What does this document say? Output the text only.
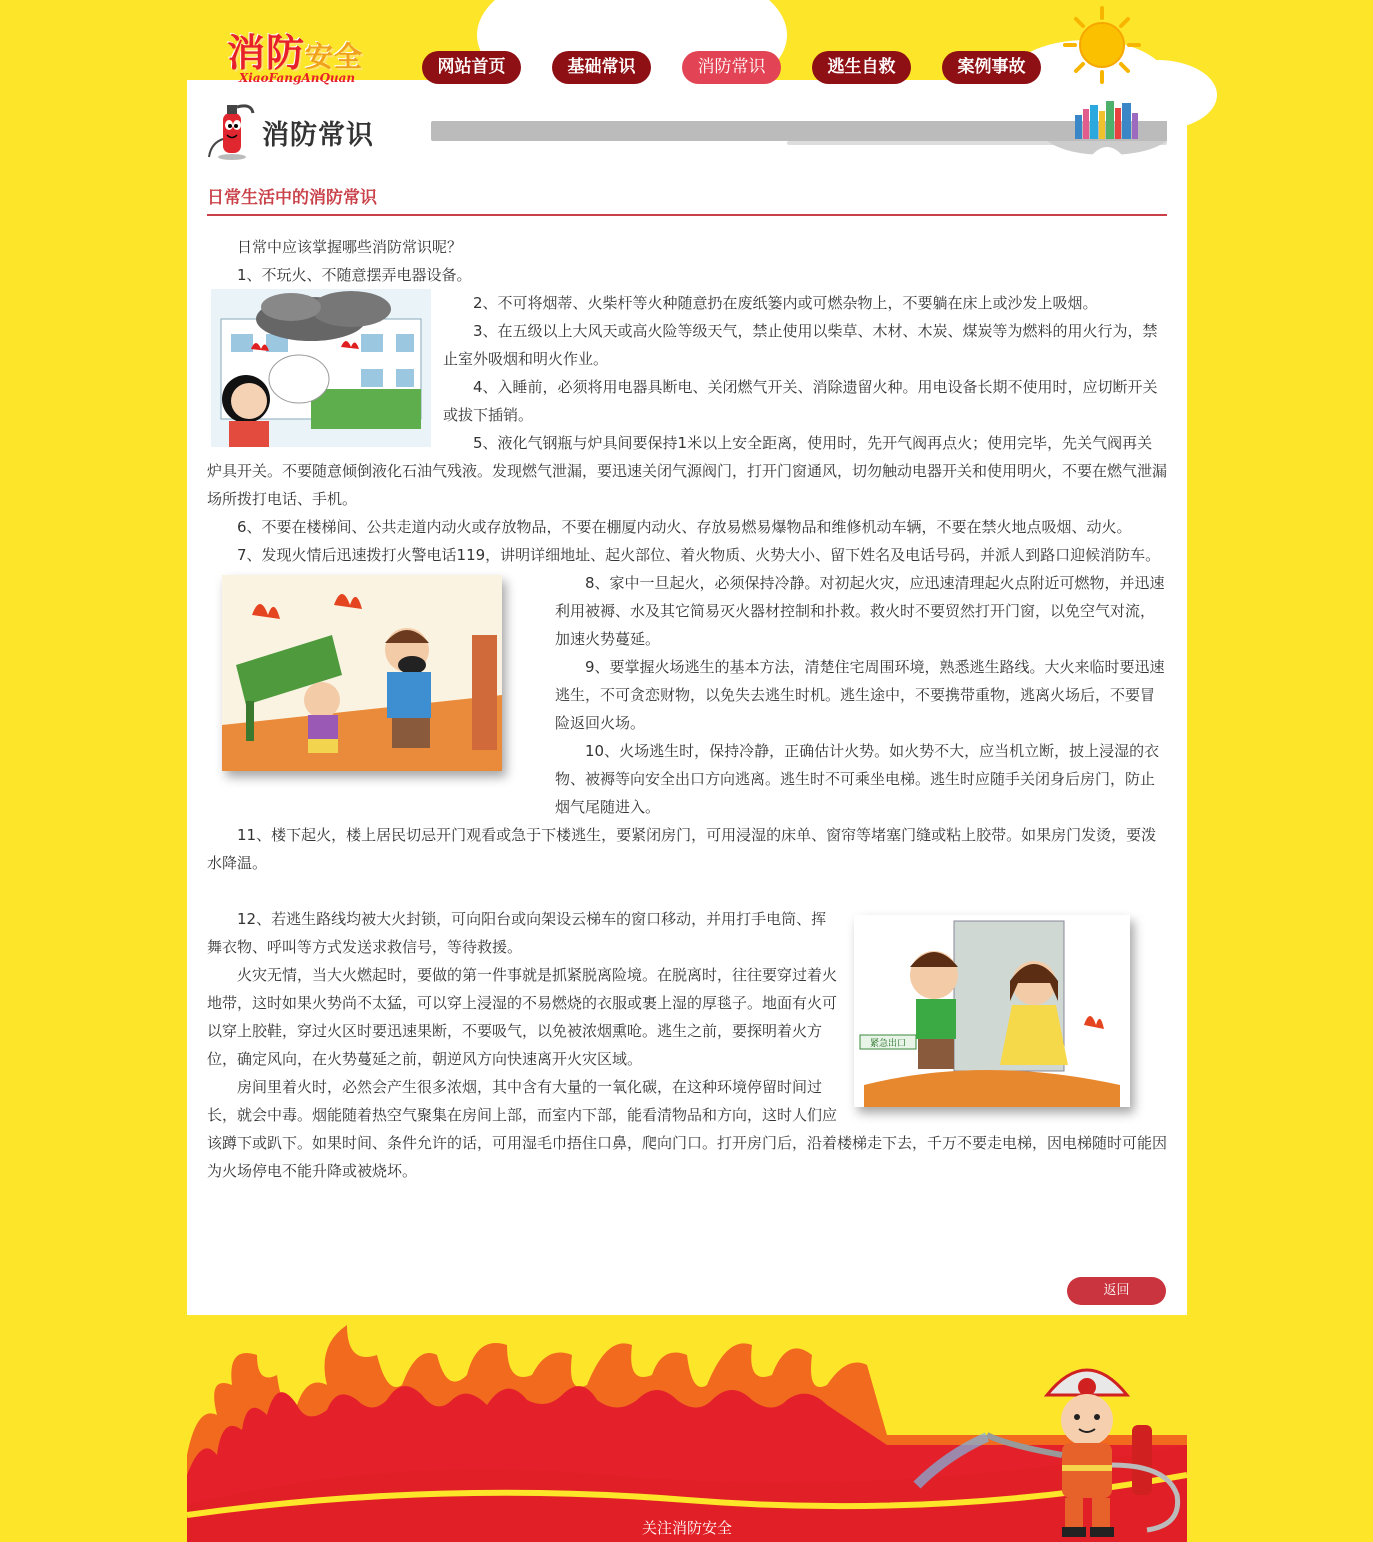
消防安全
XiaoFangAnQuan
网站首页	基础常识	消防常识	逃生自救	案例事故
消防常识
日常生活中的消防常识

日常中应该掌握哪些消防常识呢？

1、不玩火、不随意摆弄电器设备。

2、不可将烟蒂、火柴杆等火种随意扔在废纸篓内或可燃杂物上，不要躺在床上或沙发上吸烟。

3、在五级以上大风天或高火险等级天气，禁止使用以柴草、木材、木炭、煤炭等为燃料的用火行为，禁止室外吸烟和明火作业。

4、入睡前，必须将用电器具断电、关闭燃气开关、消除遗留火种。用电设备长期不使用时，应切断开关或拔下插销。

5、液化气钢瓶与炉具间要保持1米以上安全距离，使用时，先开气阀再点火；使用完毕，先关气阀再关炉具开关。不要随意倾倒液化石油气残液。发现燃气泄漏，要迅速关闭气源阀门，打开门窗通风，切勿触动电器开关和使用明火，不要在燃气泄漏场所拨打电话、手机。

6、不要在楼梯间、公共走道内动火或存放物品，不要在棚厦内动火、存放易燃易爆物品和维修机动车辆，不要在禁火地点吸烟、动火。

7、发现火情后迅速拨打火警电话119，讲明详细地址、起火部位、着火物质、火势大小、留下姓名及电话号码，并派人到路口迎候消防车。

8、家中一旦起火，必须保持冷静。对初起火灾，应迅速清理起火点附近可燃物，并迅速利用被褥、水及其它简易灭火器材控制和扑救。救火时不要贸然打开门窗，以免空气对流，加速火势蔓延。

9、要掌握火场逃生的基本方法，清楚住宅周围环境，熟悉逃生路线。大火来临时要迅速逃生，不可贪恋财物，以免失去逃生时机。逃生途中，不要携带重物，逃离火场后，不要冒险返回火场。

10、火场逃生时，保持冷静，正确估计火势。如火势不大，应当机立断，披上浸湿的衣物、被褥等向安全出口方向逃离。逃生时不可乘坐电梯。逃生时应随手关闭身后房门，防止烟气尾随进入。

11、楼下起火，楼上居民切忌开门观看或急于下楼逃生，要紧闭房门，可用浸湿的床单、窗帘等堵塞门缝或粘上胶带。如果房门发烫，要泼水降温。

紧急出口

12、若逃生路线均被大火封锁，可向阳台或向架设云梯车的窗口移动，并用打手电筒、挥舞衣物、呼叫等方式发送求救信号，等待救援。

火灾无情，当大火燃起时，要做的第一件事就是抓紧脱离险境。在脱离时，往往要穿过着火地带，这时如果火势尚不太猛，可以穿上浸湿的不易燃烧的衣服或裹上湿的厚毯子。地面有火可以穿上胶鞋，穿过火区时要迅速果断，不要吸气，以免被浓烟熏呛。逃生之前，要探明着火方位，确定风向，在火势蔓延之前，朝逆风方向快速离开火灾区域。

房间里着火时，必然会产生很多浓烟，其中含有大量的一氧化碳，在这种环境停留时间过长，就会中毒。烟能随着热空气聚集在房间上部，而室内下部，能看清物品和方向，这时人们应该蹲下或趴下。如果时间、条件允许的话，可用湿毛巾捂住口鼻，爬向门口。打开房门后，沿着楼梯走下去，千万不要走电梯，因电梯随时可能因为火场停电不能升降或被烧坏。

返回
关注消防安全
